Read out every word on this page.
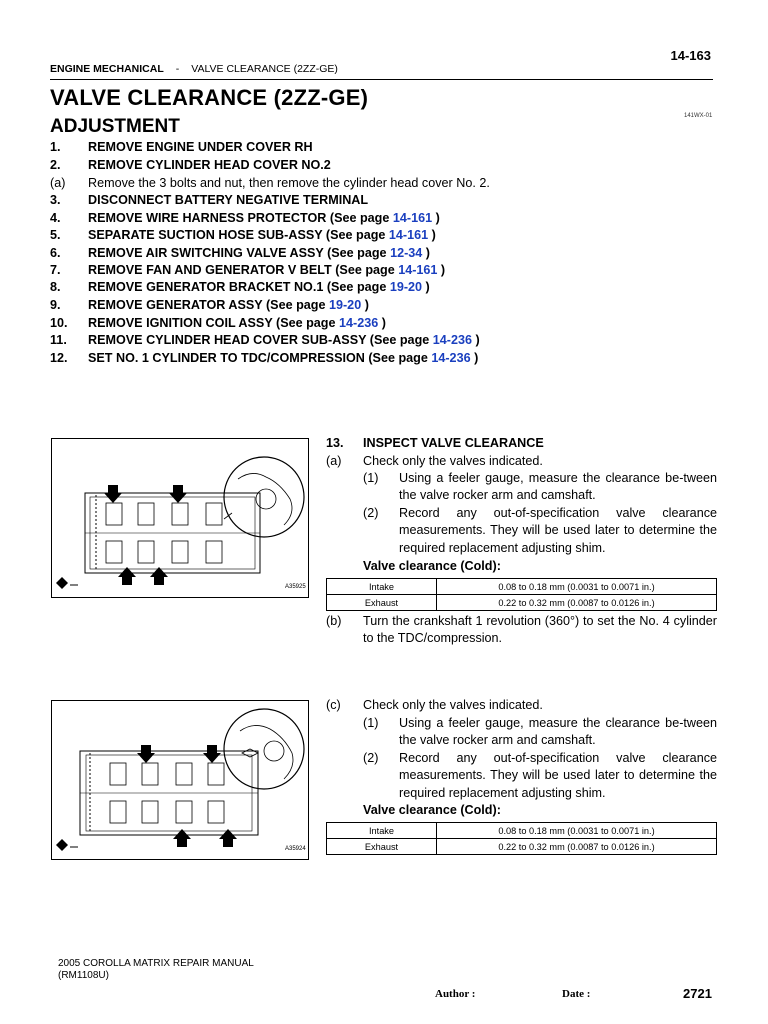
14-163
ENGINE MECHANICAL - VALVE CLEARANCE (2ZZ-GE)
VALVE CLEARANCE (2ZZ-GE)
ADJUSTMENT	141WX-01
1. REMOVE ENGINE UNDER COVER RH
2. REMOVE CYLINDER HEAD COVER NO.2
(a) Remove the 3 bolts and nut, then remove the cylinder head cover No. 2.
3. DISCONNECT BATTERY NEGATIVE TERMINAL
4. REMOVE WIRE HARNESS PROTECTOR (See page 14-161 )
5. SEPARATE SUCTION HOSE SUB-ASSY (See page 14-161 )
6. REMOVE AIR SWITCHING VALVE ASSY (See page 12-34 )
7. REMOVE FAN AND GENERATOR V BELT (See page 14-161 )
8. REMOVE GENERATOR BRACKET NO.1 (See page 19-20 )
9. REMOVE GENERATOR ASSY (See page 19-20 )
10. REMOVE IGNITION COIL ASSY (See page 14-236 )
11. REMOVE CYLINDER HEAD COVER SUB-ASSY (See page 14-236 )
12. SET NO. 1 CYLINDER TO TDC/COMPRESSION (See page 14-236 )
A35925
13. INSPECT VALVE CLEARANCE
(a) Check only the valves indicated.
(1) Using a feeler gauge, measure the clearance be-tween the valve rocker arm and camshaft.
(2) Record any out-of-specification valve clearance measurements. They will be used later to determine the required replacement adjusting shim.
Valve clearance (Cold):
Intake	0.08 to 0.18 mm (0.0031 to 0.0071 in.)
Exhaust	0.22 to 0.32 mm (0.0087 to 0.0126 in.)
(b) Turn the crankshaft 1 revolution (360°) to set the No. 4 cylinder to the TDC/compression.
A35924
(c) Check only the valves indicated.
(1) Using a feeler gauge, measure the clearance be-tween the valve rocker arm and camshaft.
(2) Record any out-of-specification valve clearance measurements. They will be used later to determine the required replacement adjusting shim.
Valve clearance (Cold):
Intake	0.08 to 0.18 mm (0.0031 to 0.0071 in.)
Exhaust	0.22 to 0.32 mm (0.0087 to 0.0126 in.)
2005 COROLLA MATRIX REPAIR MANUAL
(RM1108U)
Author :	Date :	2721
